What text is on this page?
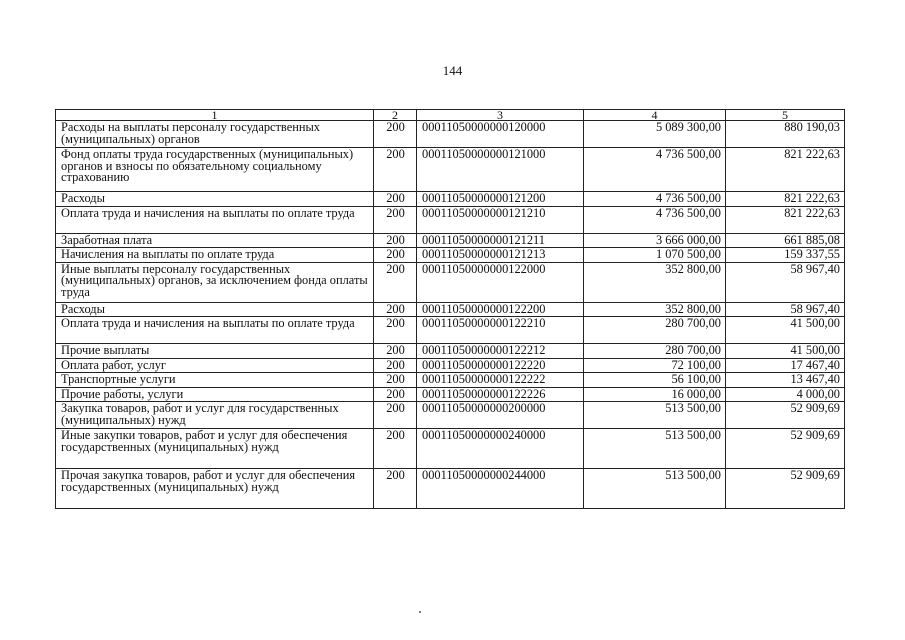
144
1	2	3	4	5
Расходы на выплаты персоналу государственных (муниципальных) органов	200	00011050000000120000	5 089 300,00	880 190,03
Фонд оплаты труда государственных (муниципальных) органов и взносы по обязательному социальному страхованию	200	00011050000000121000	4 736 500,00	821 222,63
Расходы	200	00011050000000121200	4 736 500,00	821 222,63
Оплата труда и начисления на выплаты по оплате труда	200	00011050000000121210	4 736 500,00	821 222,63
Заработная плата	200	00011050000000121211	3 666 000,00	661 885,08
Начисления на выплаты по оплате труда	200	00011050000000121213	1 070 500,00	159 337,55
Иные выплаты персоналу государственных (муниципальных) органов, за исключением фонда оплаты труда	200	00011050000000122000	352 800,00	58 967,40
Расходы	200	00011050000000122200	352 800,00	58 967,40
Оплата труда и начисления на выплаты по оплате труда	200	00011050000000122210	280 700,00	41 500,00
Прочие выплаты	200	00011050000000122212	280 700,00	41 500,00
Оплата работ, услуг	200	00011050000000122220	72 100,00	17 467,40
Транспортные услуги	200	00011050000000122222	56 100,00	13 467,40
Прочие работы, услуги	200	00011050000000122226	16 000,00	4 000,00
Закупка товаров, работ и услуг для государственных (муниципальных) нужд	200	00011050000000200000	513 500,00	52 909,69
Иные закупки товаров, работ и услуг для обеспечения государственных (муниципальных) нужд	200	00011050000000240000	513 500,00	52 909,69
Прочая закупка товаров, работ и услуг для обеспечения государственных (муниципальных) нужд	200	00011050000000244000	513 500,00	52 909,69
